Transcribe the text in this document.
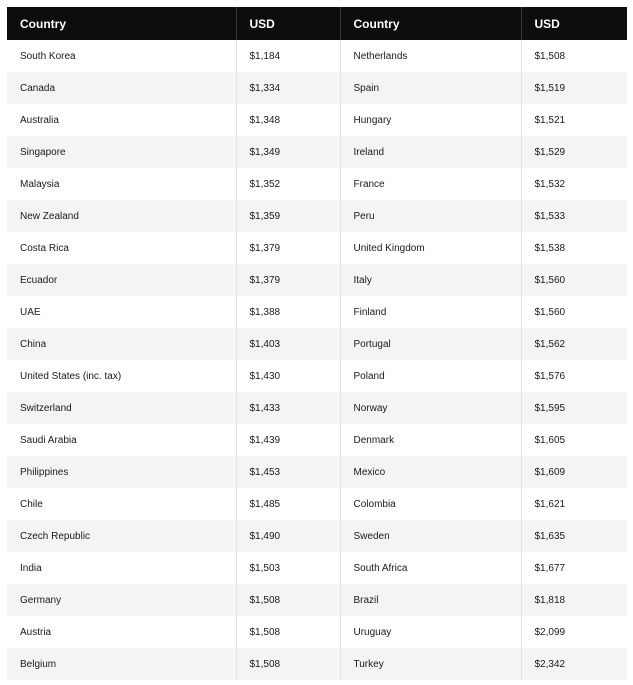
Country	USD	Country	USD
South Korea	$1,184	Netherlands	$1,508
Canada	$1,334	Spain	$1,519
Australia	$1,348	Hungary	$1,521
Singapore	$1,349	Ireland	$1,529
Malaysia	$1,352	France	$1,532
New Zealand	$1,359	Peru	$1,533
Costa Rica	$1,379	United Kingdom	$1,538
Ecuador	$1,379	Italy	$1,560
UAE	$1,388	Finland	$1,560
China	$1,403	Portugal	$1,562
United States (inc. tax)	$1,430	Poland	$1,576
Switzerland	$1,433	Norway	$1,595
Saudi Arabia	$1,439	Denmark	$1,605
Philippines	$1,453	Mexico	$1,609
Chile	$1,485	Colombia	$1,621
Czech Republic	$1,490	Sweden	$1,635
India	$1,503	South Africa	$1,677
Germany	$1,508	Brazil	$1,818
Austria	$1,508	Uruguay	$2,099
Belgium	$1,508	Turkey	$2,342
